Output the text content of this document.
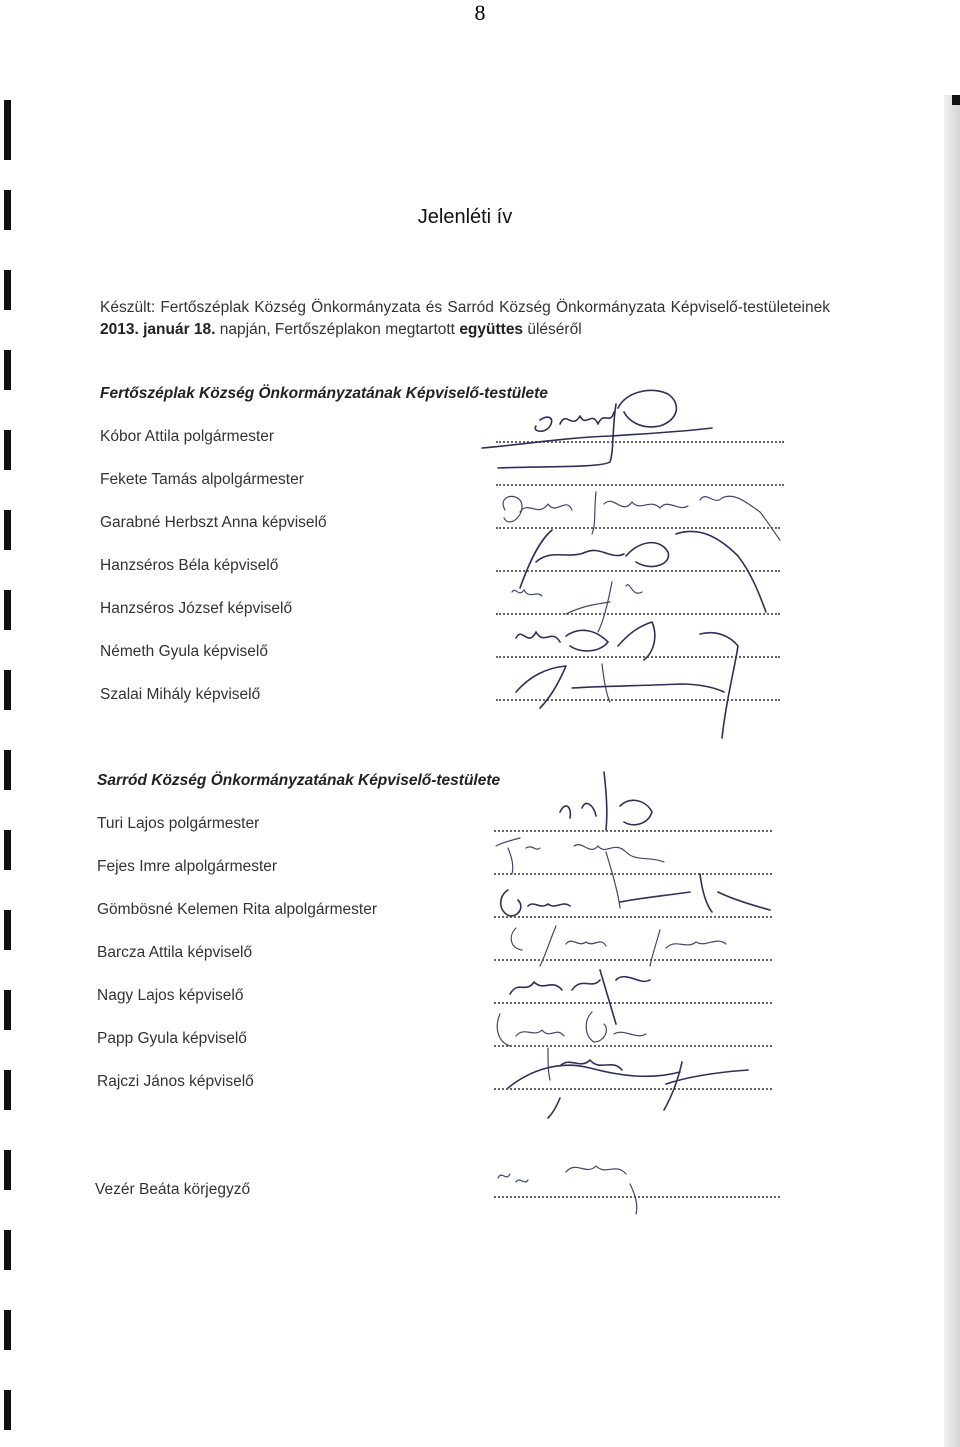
8
Jelenléti ív
Készült: Fertőszéplak Község Önkormányzata és Sarród Község Önkormányzata Képviselő-testületeinek 2013. január 18. napján, Fertőszéplakon megtartott együttes üléséről
Fertőszéplak Község Önkormányzatának Képviselő-testülete
Kóbor Attila polgármester
Fekete Tamás alpolgármester
Garabné Herbszt Anna képviselő
Hanzséros Béla képviselő
Hanzséros József képviselő
Németh Gyula képviselő
Szalai Mihály képviselő
Sarród Község Önkormányzatának Képviselő-testülete
Turi Lajos polgármester
Fejes Imre alpolgármester
Gömbösné Kelemen Rita alpolgármester
Barcza Attila képviselő
Nagy Lajos képviselő
Papp Gyula képviselő
Rajczi János képviselő
Vezér Beáta körjegyző
